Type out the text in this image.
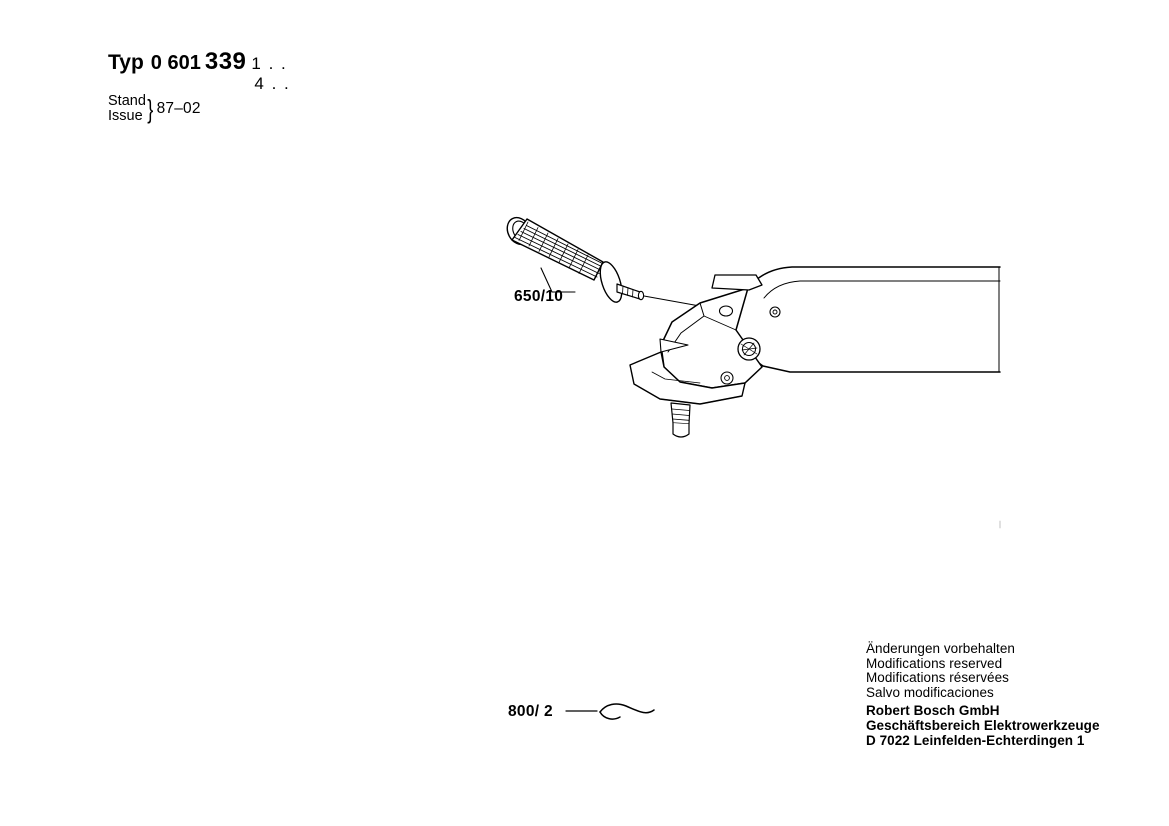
Typ 0 601 339 1 . .
4 . .
Stand
Issue } 87–02
650/10
800/ 2
Änderungen vorbehalten
Modifications reserved
Modifications réservées
Salvo modificaciones
Robert Bosch GmbH
Geschäftsbereich Elektrowerkzeuge
D 7022 Leinfelden-Echterdingen 1
